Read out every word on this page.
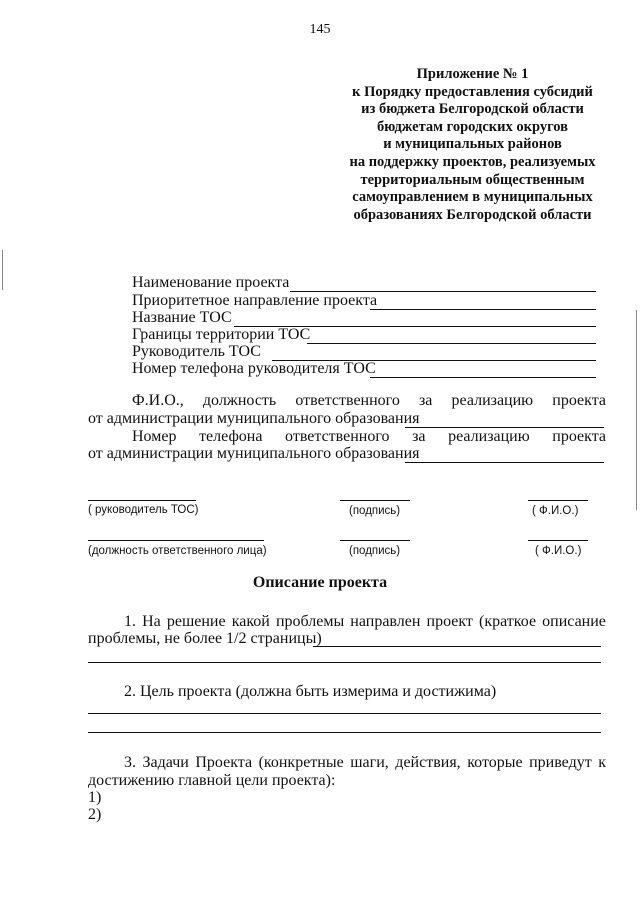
145
Приложение № 1
к Порядку предоставления субсидий
из бюджета Белгородской области
бюджетам городских округов
и муниципальных районов
на поддержку проектов, реализуемых
территориальным общественным
самоуправлением в муниципальных
образованиях Белгородской области
Наименование проекта
Приоритетное направление проекта
Название ТОС
Границы территории ТОС
Руководитель ТОС
Номер телефона руководителя ТОС
Ф.И.О., должность ответственного за реализацию проекта
от администрации муниципального образования
Номер телефона ответственного за реализацию проекта
от администрации муниципального образования
( руководитель ТОС)	(подпись)	( Ф.И.О.)
(должность ответственного лица)	(подпись)	( Ф.И.О.)
Описание проекта
1. На решение какой проблемы направлен проект (краткое описание
проблемы, не более 1/2 страницы)
2. Цель проекта (должна быть измерима и достижима)
3. Задачи Проекта (конкретные шаги, действия, которые приведут к
достижению главной цели проекта):
1)
2)
